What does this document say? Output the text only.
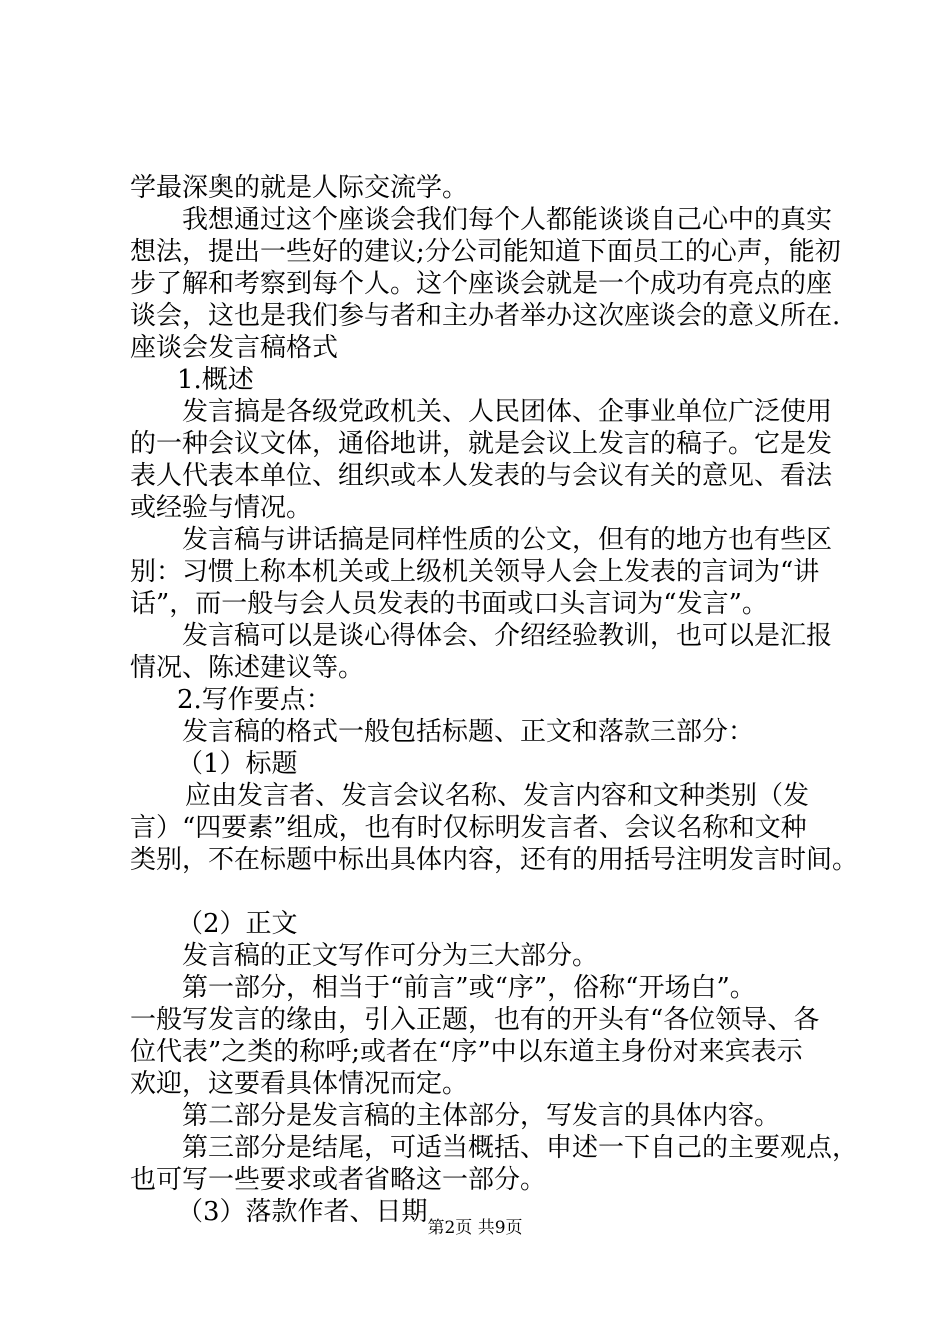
学最深奥的就是人际交流学。
我想通过这个座谈会我们每个人都能谈谈自己心中的真实
想法，提出一些好的建议;分公司能知道下面员工的心声，能初
步了解和考察到每个人。这个座谈会就是一个成功有亮点的座
谈会，这也是我们参与者和主办者举办这次座谈会的意义所在.
座谈会发言稿格式
1.概述
发言搞是各级党政机关、人民团体、企事业单位广泛使用
的一种会议文体，通俗地讲，就是会议上发言的稿子。它是发
表人代表本单位、组织或本人发表的与会议有关的意见、看法
或经验与情况。
发言稿与讲话搞是同样性质的公文，但有的地方也有些区
别：习惯上称本机关或上级机关领导人会上发表的言词为“讲
话”，而一般与会人员发表的书面或口头言词为“发言”。
发言稿可以是谈心得体会、介绍经验教训，也可以是汇报
情况、陈述建议等。
2.写作要点：
发言稿的格式一般包括标题、正文和落款三部分：
（1）标题
应由发言者、发言会议名称、发言内容和文种类别（发
言）“四要素”组成，也有时仅标明发言者、会议名称和文种
类别，不在标题中标出具体内容，还有的用括号注明发言时间。
（2）正文
发言稿的正文写作可分为三大部分。
第一部分，相当于“前言”或“序”，俗称“开场白”。
一般写发言的缘由，引入正题，也有的开头有“各位领导、各
位代表”之类的称呼;或者在“序”中以东道主身份对来宾表示
欢迎，这要看具体情况而定。
第二部分是发言稿的主体部分，写发言的具体内容。
第三部分是结尾，可适当概括、申述一下自己的主要观点，
也可写一些要求或者省略这一部分。
（3）落款作者、日期
第2页 共9页
